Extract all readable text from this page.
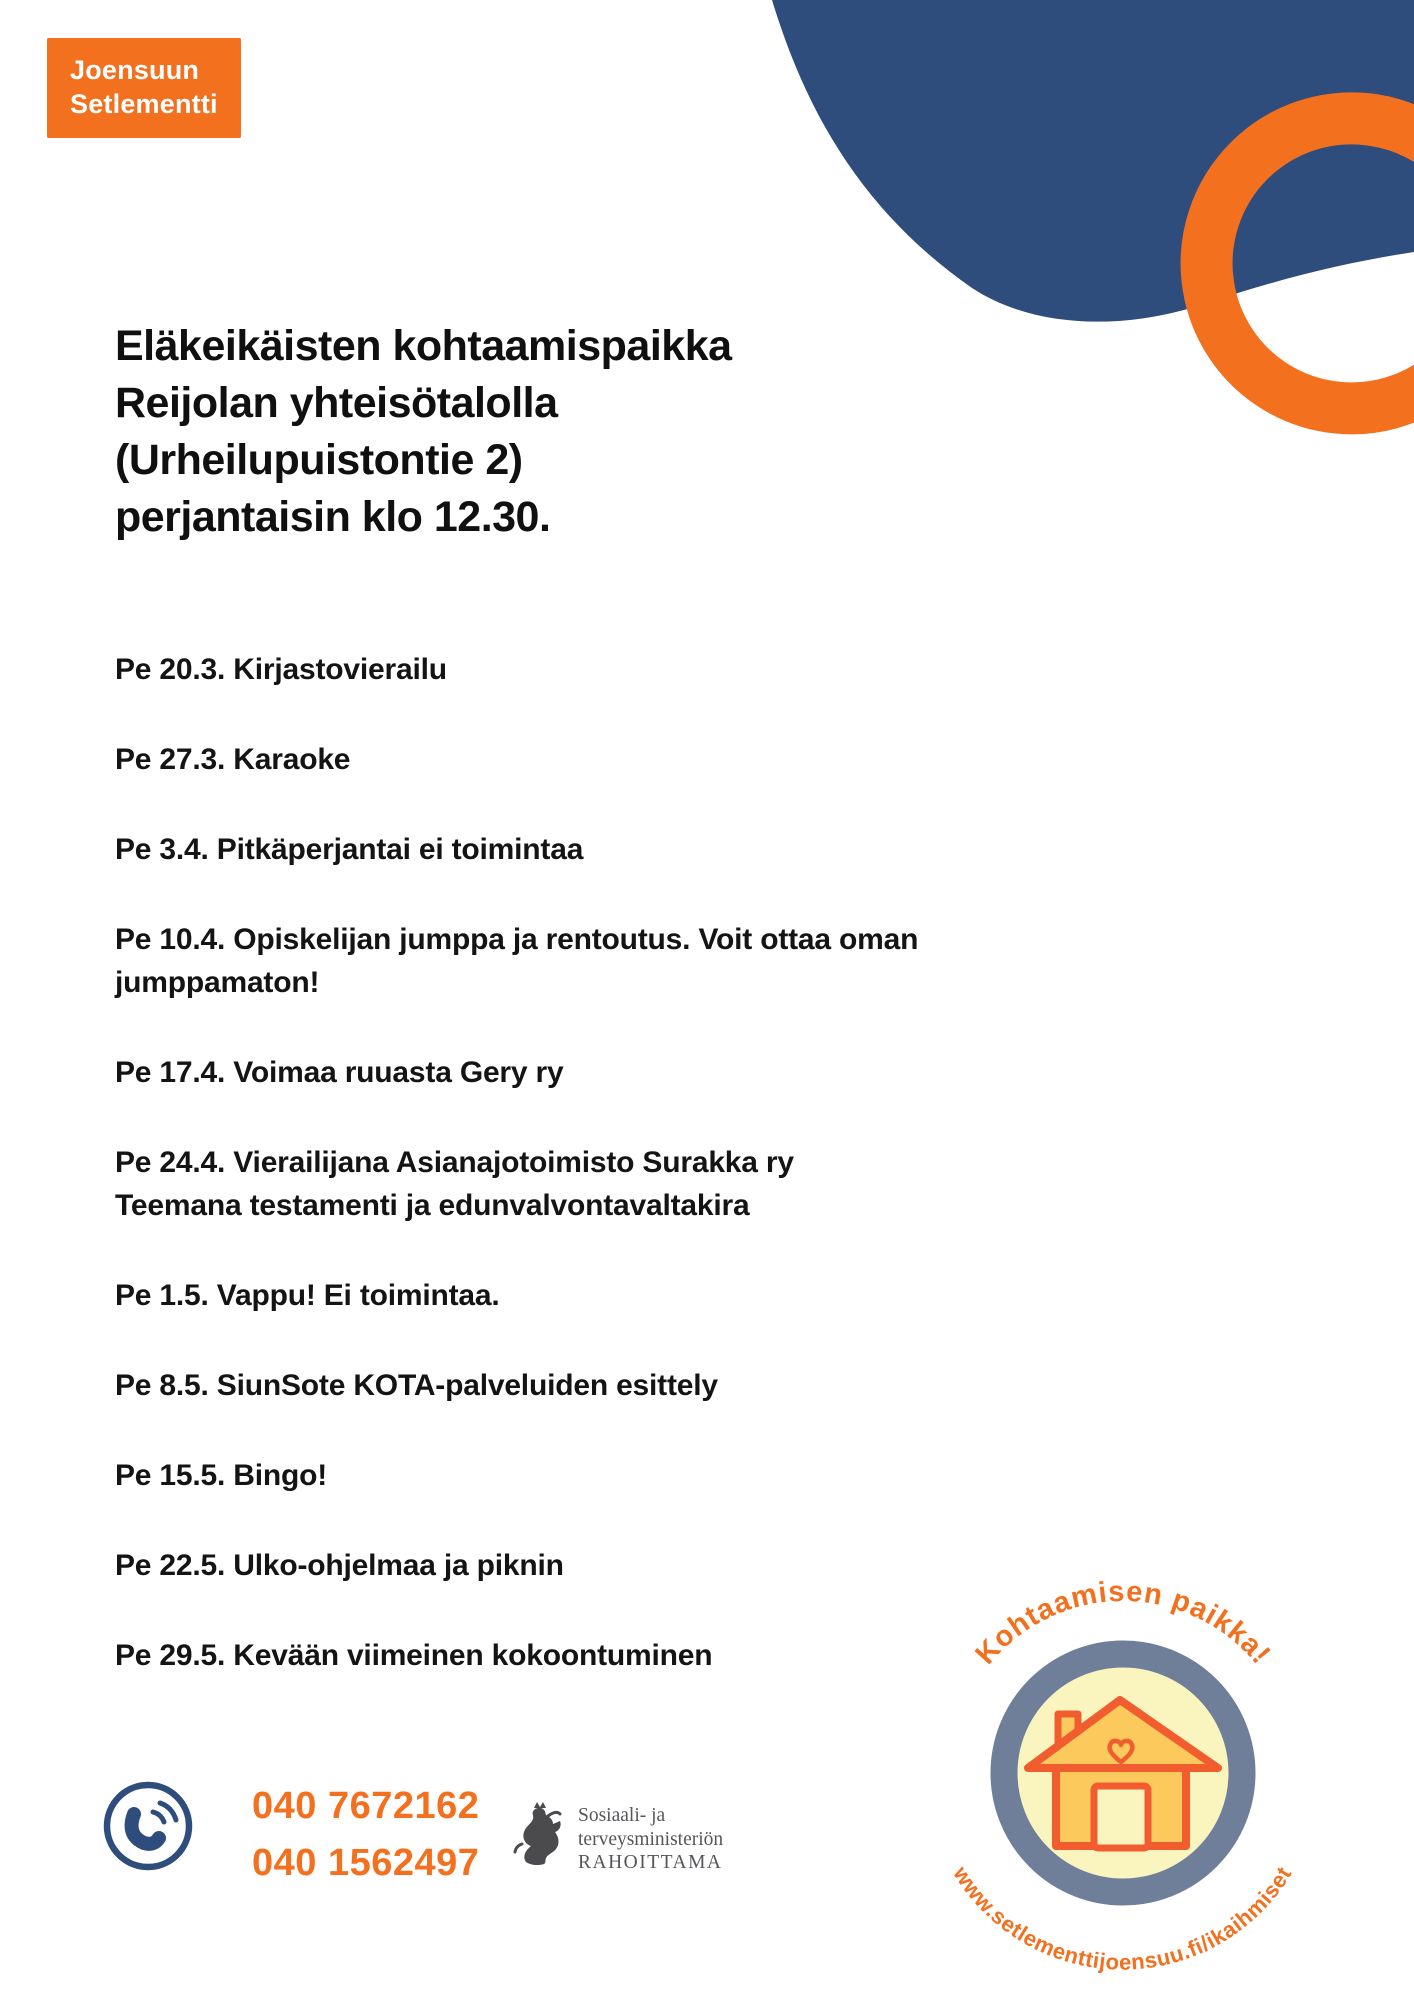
Kohtaamisen paikka!
www.setlementtijoensuu.fi/ikaihmiset
Joensuun
Setlementti
Eläkeikäisten kohtaamispaikka
Reijolan yhteisötalolla
(Urheilupuistontie 2)
perjantaisin klo 12.30.
Pe 20.3. Kirjastovierailu
Pe 27.3. Karaoke
Pe 3.4. Pitkäperjantai ei toimintaa
Pe 10.4. Opiskelijan jumppa ja rentoutus. Voit ottaa oman
jumppamaton!
Pe 17.4. Voimaa ruuasta Gery ry
Pe 24.4. Vierailijana Asianajotoimisto Surakka ry
Teemana testamenti ja edunvalvontavaltakira
Pe 1.5. Vappu! Ei toimintaa.
Pe 8.5. SiunSote KOTA-palveluiden esittely
Pe 15.5. Bingo!
Pe 22.5. Ulko-ohjelmaa ja piknin
Pe 29.5. Kevään viimeinen kokoontuminen
040 7672162
040 1562497
Sosiaali- ja
terveysministeriön
RAHOITTAMA
